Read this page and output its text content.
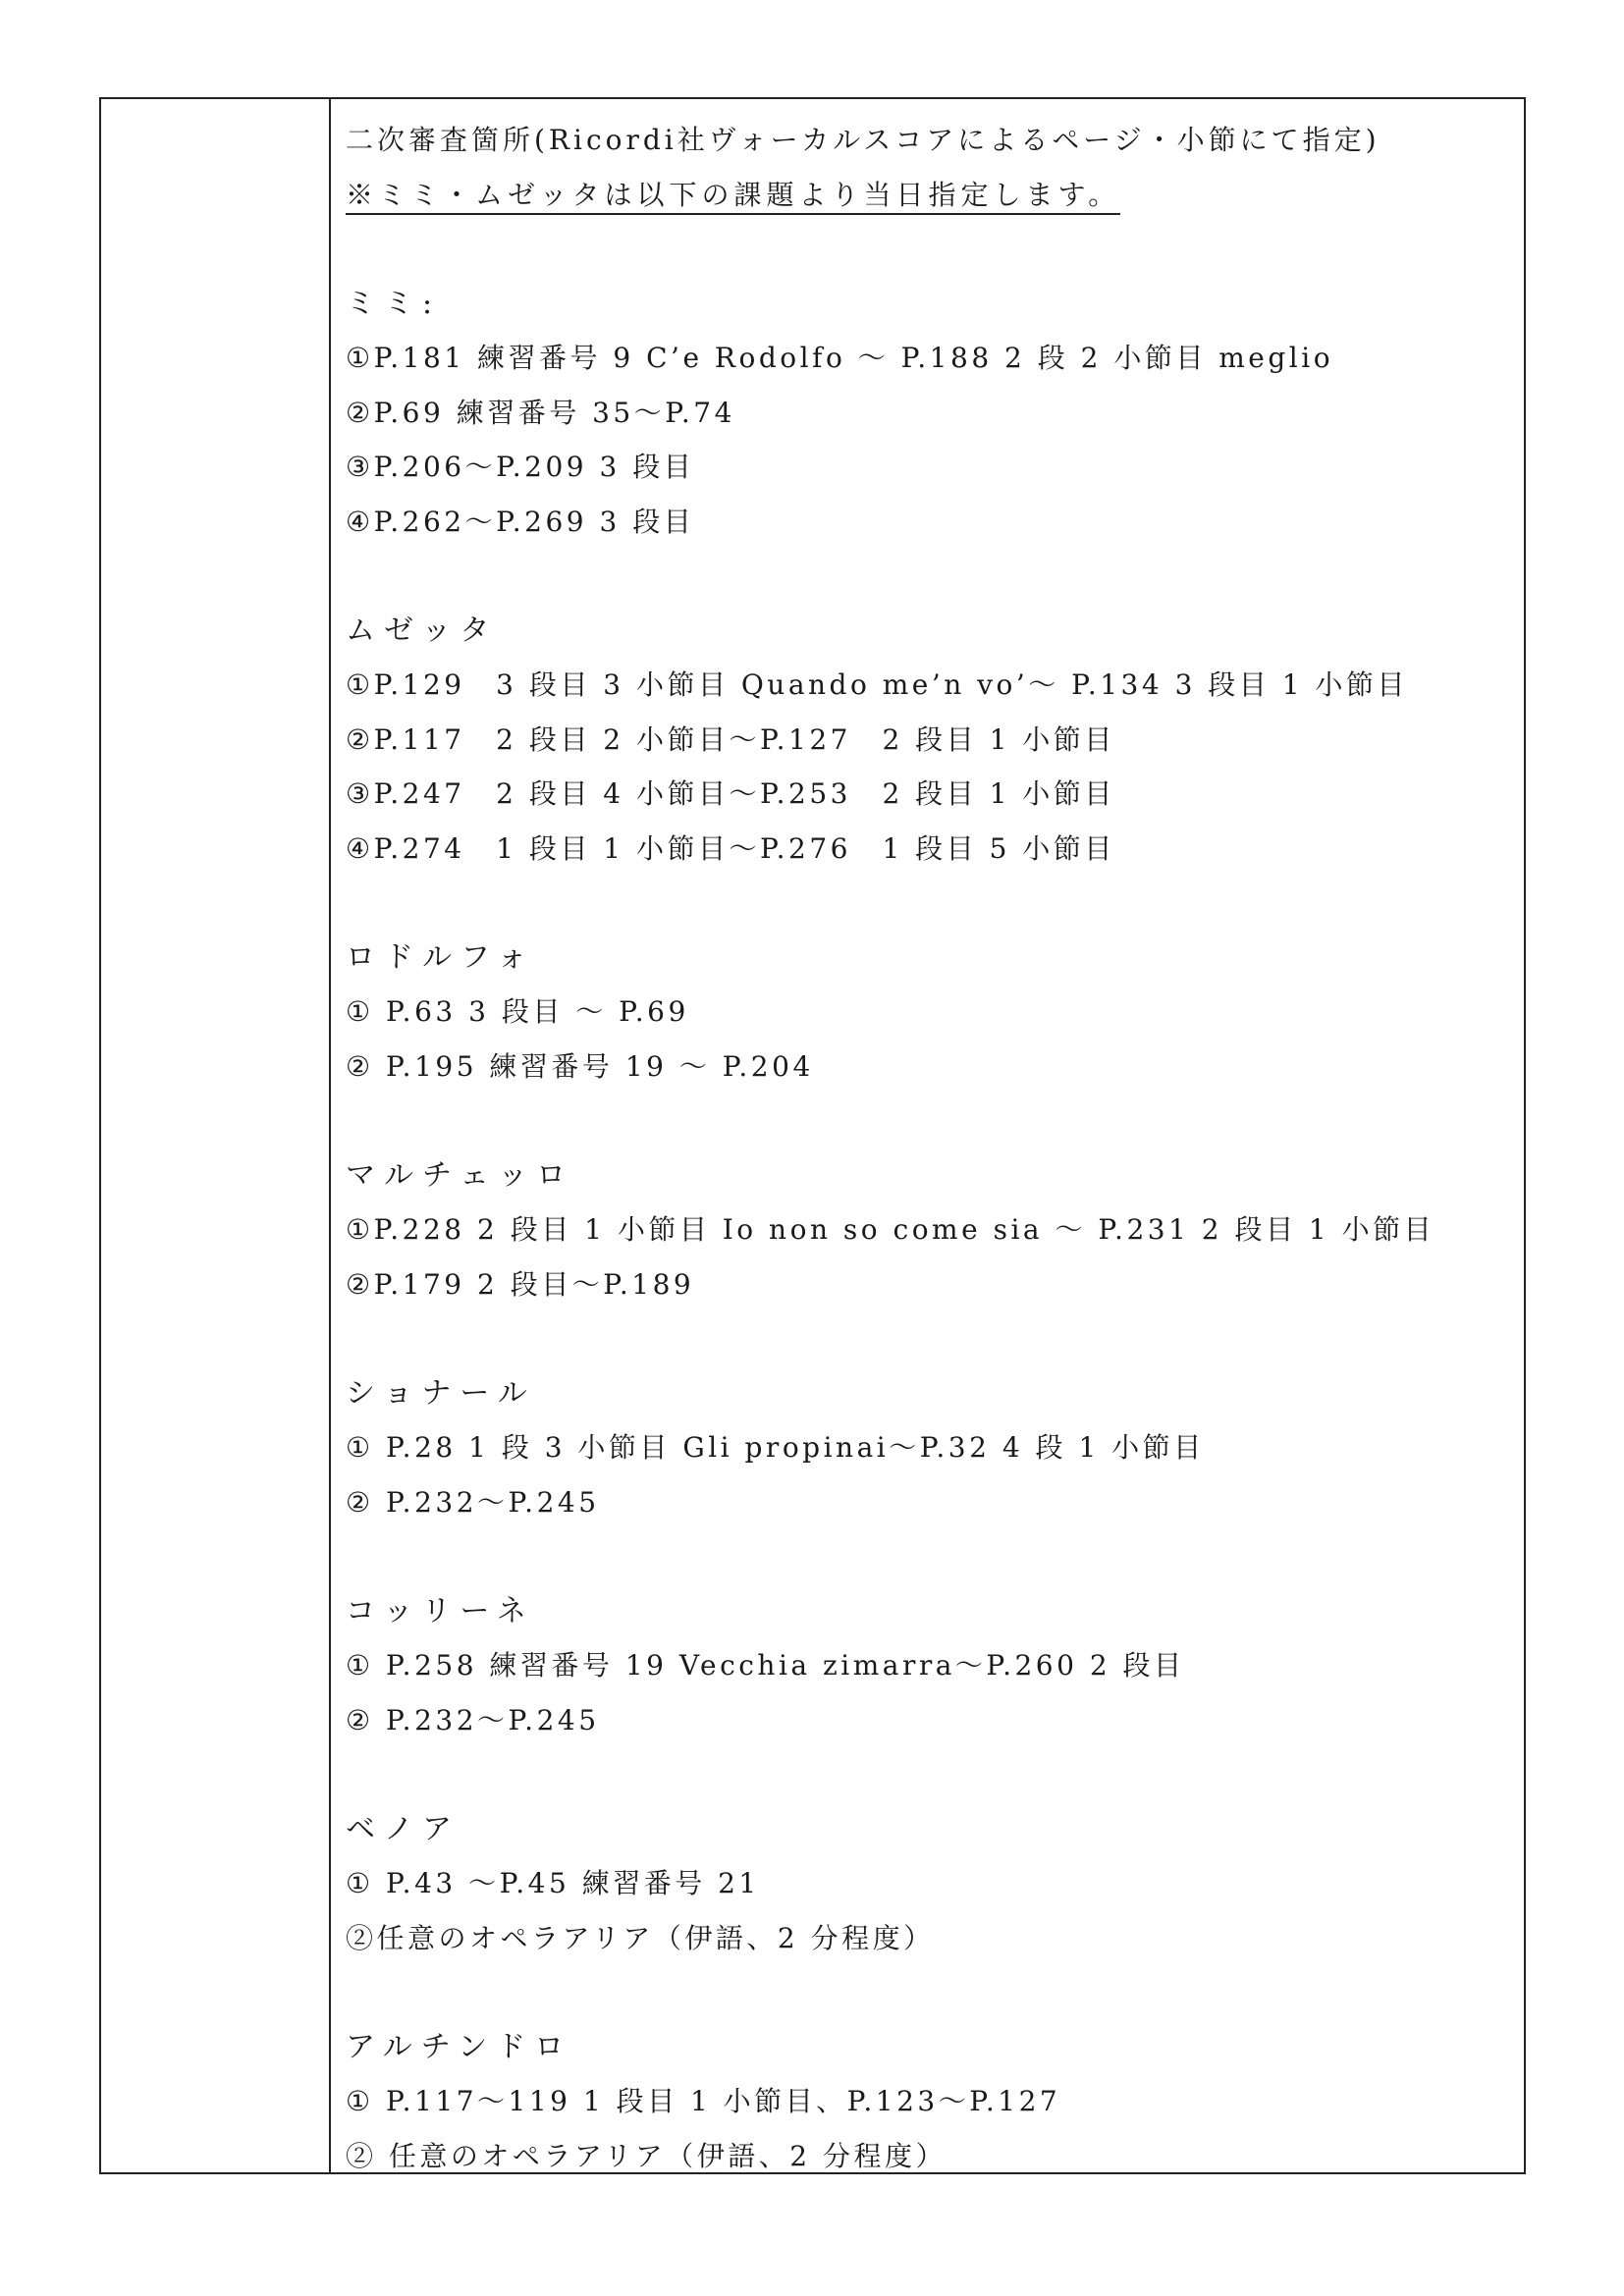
二次審査箇所(Ricordi社ヴォーカルスコアによるページ・小節にて指定)
※ミミ・ムゼッタは以下の課題より当日指定します。
ミミ:
①P.181 練習番号 9 C’e Rodolfo 〜 P.188 2 段 2 小節目 meglio
②P.69 練習番号 35〜P.74
③P.206〜P.209 3 段目
④P.262〜P.269 3 段目
ムゼッタ
①P.129　3 段目 3 小節目 Quando me’n vo’〜 P.134 3 段目 1 小節目
②P.117　2 段目 2 小節目〜P.127　2 段目 1 小節目
③P.247　2 段目 4 小節目〜P.253　2 段目 1 小節目
④P.274　1 段目 1 小節目〜P.276　1 段目 5 小節目
ロドルフォ
① P.63 3 段目 〜 P.69
② P.195 練習番号 19 〜 P.204
マルチェッロ
①P.228 2 段目 1 小節目 Io non so come sia 〜 P.231 2 段目 1 小節目
②P.179 2 段目〜P.189
ショナール
① P.28 1 段 3 小節目 Gli propinai〜P.32 4 段 1 小節目
② P.232〜P.245
コッリーネ
① P.258 練習番号 19 Vecchia zimarra〜P.260 2 段目
② P.232〜P.245
ベノア
① P.43 〜P.45 練習番号 21
②任意のオペラアリア（伊語、2 分程度）
アルチンドロ
① P.117〜119 1 段目 1 小節目、P.123〜P.127
② 任意のオペラアリア（伊語、2 分程度）
